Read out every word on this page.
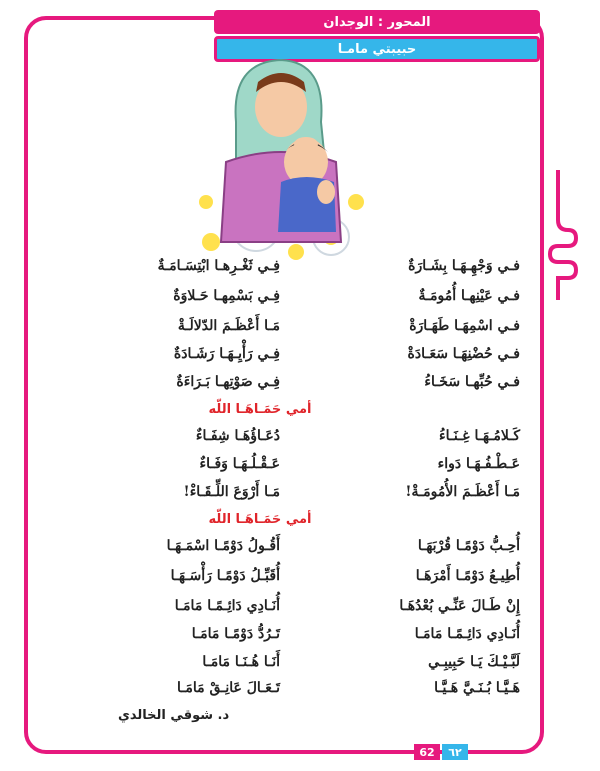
المحور : الوجدان
حبيبتي مامـا
فـي وَجْهِـهَـا بِشَـارَةٌ
فِـي ثَغْـرِهـا ابْتِسَـامَـةٌ
فـي عَيْنِهـا أُمُومَـةٌ
فِـي بَسْمِهـا حَـلاوَةٌ
فـي اسْمِهَـا طَهَـارَةْ
مَـا أَعْظَـمَ الدّلالَـةْ
فـي حُضْنِهَـا سَعَـادَةْ
فِـي رَأْيِـهَـا رَشَـادَةٌ
فـي حُبِّهـا سَخَـاءُ
فِـي صَوْتِهـا بَـرَاءَةٌ
أمي حَمَـاهَـا اللّه
كَـلامُـهَـا غِـنَـاءُ
دُعَـاؤُهَـا شِفَـاءٌ
عَـطْـفُـهَـا دَواء
عَـقْـلُـهَـا وَفَـاءٌ
مَـا أَعْظَـمَ الأُمُومَـةْ!
مَـا أَرْوَعَ اللِّـقَـاءْ!
أمي حَمَـاهَـا اللّه
أُحِـبُّ دَوْمًـا قُرْبَهَـا
أَقُـولُ دَوْمًـا اسْمَـهَـا
أُطِيـعُ دَوْمًـا أَمْرَهَـا
أُقَبِّـلُ دَوْمًـا رَأْسَـهَـا
إِنْ طَـالَ عَنِّـي بُعْدُهَـا
أُنَـادِي دَائِـمًـا مَامَـا
أُنَـادِي دَائِـمًـا مَامَـا
تَـرُدُّ دَوْمًـا مَامَـا
لَبَّـيْـكَ يَـا حَبِيبِـي
أَنَـا هُـنَـا مَامَـا
هَـيَّـا بُـنَـيَّ هَـيَّـا
تَـعَـالَ عَانِـقْ مَامَـا
د. شوقي الخالدي
62	٦٢
